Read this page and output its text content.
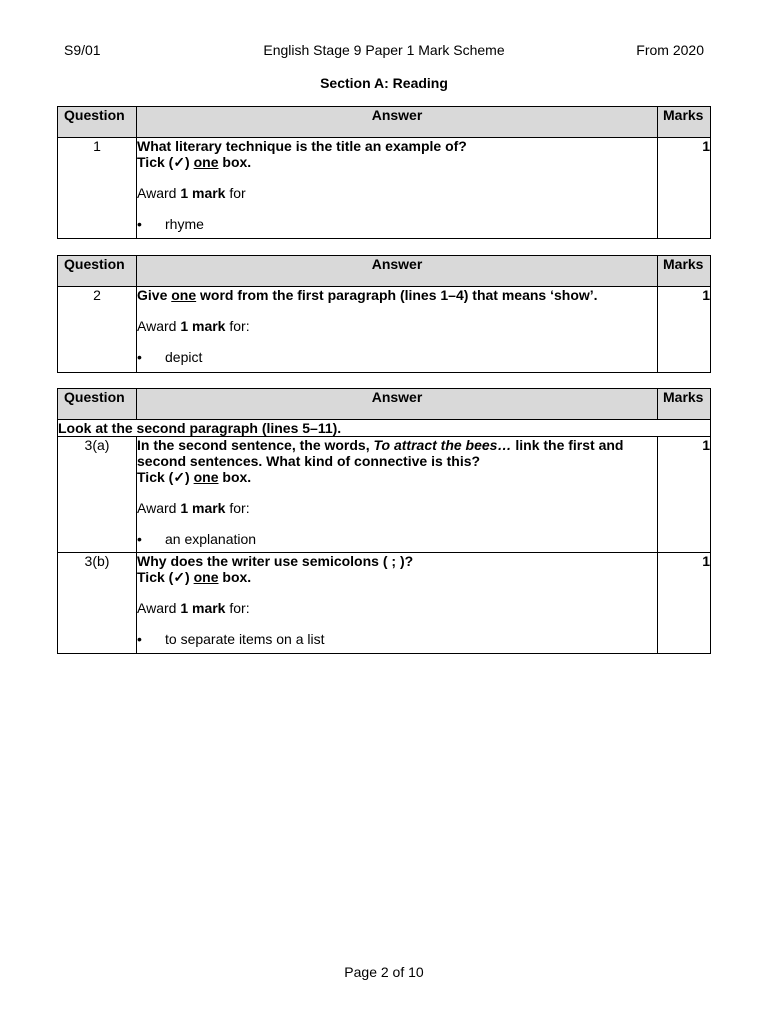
S9/01	English Stage 9 Paper 1 Mark Scheme	From 2020
Section A: Reading
Question	Answer	Marks
1	What literary technique is the title an example of?
Tick (✓) one box.
Award 1 mark for
• rhyme	1
Question	Answer	Marks
2	Give one word from the first paragraph (lines 1–4) that means ‘show’.
Award 1 mark for:
• depict	1
Question	Answer	Marks
Look at the second paragraph (lines 5–11).		
3(a)	In the second sentence, the words, To attract the bees… link the first and second sentences. What kind of connective is this?
Tick (✓) one box.
Award 1 mark for:
• an explanation	1
3(b)	Why does the writer use semicolons ( ; )?
Tick (✓) one box.
Award 1 mark for:
• to separate items on a list	1
Page 2 of 10
